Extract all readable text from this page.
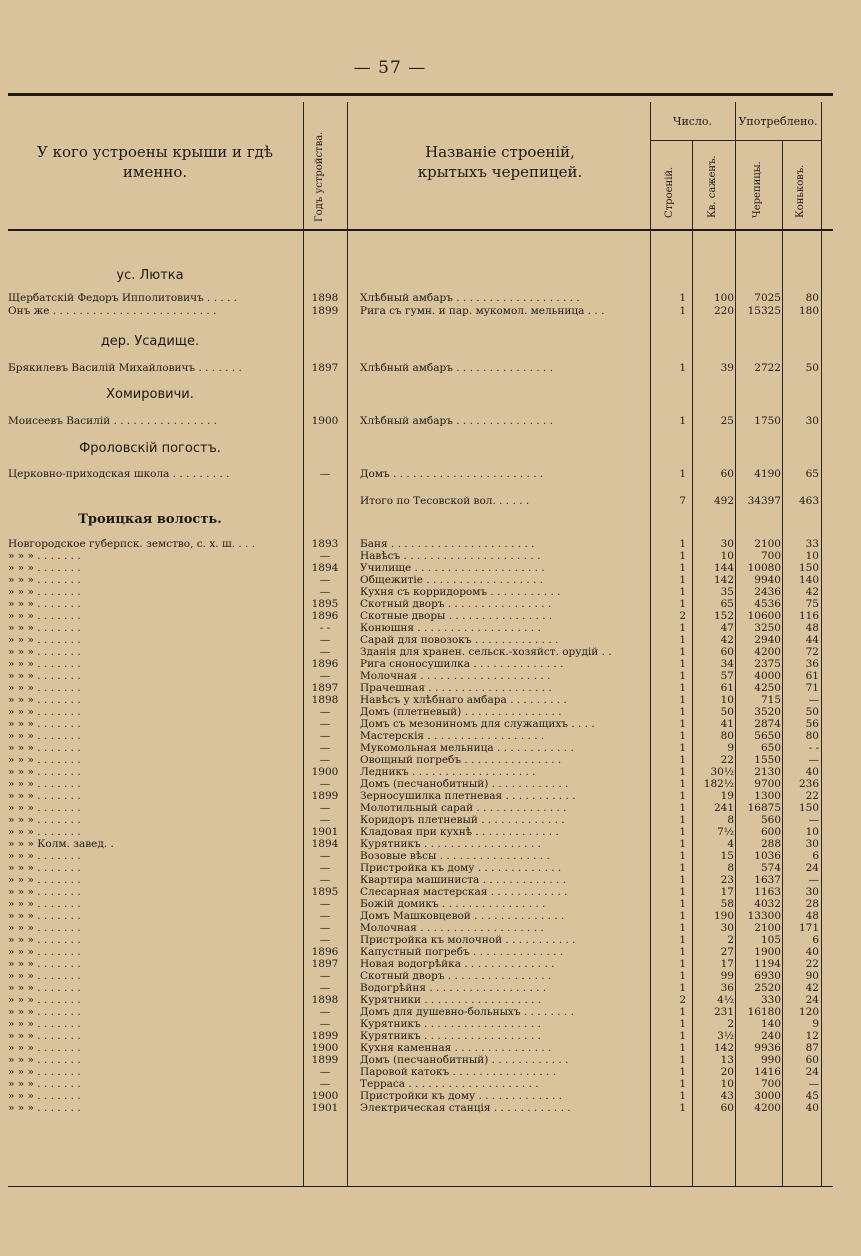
— 57 —
У кого устроены крыши и гдѣ именно.	Годъ устройства.	Названіе строеній, крытыхъ черепицей.
Число.	Употреблено.
Строеній.	Кв. саженъ.	Черепицы.	Коньковъ.
ус. Лютка
дер. Усадище.
Хомировичи.
Фроловскій погостъ.
Троицкая волость.
Щербатскій Федоръ Ипполитовичъ . . . . .	1898	Хлѣбный амбаръ . . . . . . . . . . . . . . . . . . .	1	100	7025	80
Онъ же . . . . . . . . . . . . . . . . . . . . . . . . .	1899	Рига съ гумн. и пар. мукомол. мельница . . .	1	220	15325	180
Брякилевъ Василій Михайловичъ . . . . . . .	1897	Хлѣбный амбаръ . . . . . . . . . . . . . . .	1	39	2722	50
Моисеевъ Василій . . . . . . . . . . . . . . . .	1900	Хлѣбный амбаръ . . . . . . . . . . . . . . .	1	25	1750	30
Церковно-приходская школа . . . . . . . . .	—	Домъ . . . . . . . . . . . . . . . . . . . . . . .	1	60	4190	65
Итого по Тесовской вол. . . . . .	7	492	34397	463
Новгородское губерпск. земство, с. х. ш. . . .	1893	Баня . . . . . . . . . . . . . . . . . . . . . .	1	30	2100	33
» » » . . . . . . .	—	Навѣсъ . . . . . . . . . . . . . . . . . . . . .	1	10	700	10
» » » . . . . . . .	1894	Училище . . . . . . . . . . . . . . . . . . . .	1	144	10080	150
» » » . . . . . . .	—	Общежитіе . . . . . . . . . . . . . . . . . .	1	142	9940	140
» » » . . . . . . .	—	Кухня съ корридоромъ . . . . . . . . . . .	1	35	2436	42
» » » . . . . . . .	1895	Скотный дворъ . . . . . . . . . . . . . . . .	1	65	4536	75
» » » . . . . . . .	1896	Скотные дворы . . . . . . . . . . . . . . . .	2	152	10600	116
» » » . . . . . . .	- -	Конюшня . . . . . . . . . . . . . . . . . . .	1	47	3250	48
» » » . . . . . . .	—	Сарай для повозокъ . . . . . . . . . . . . .	1	42	2940	44
» » » . . . . . . .	—	Зданія для хранен. сельск.-хозяйст. орудій . .	1	60	4200	72
» » » . . . . . . .	1896	Рига сноносушилка . . . . . . . . . . . . . .	1	34	2375	36
» » » . . . . . . .	—	Молочная . . . . . . . . . . . . . . . . . . . .	1	57	4000	61
» » » . . . . . . .	1897	Прачешная . . . . . . . . . . . . . . . . . . .	1	61	4250	71
» » » . . . . . . .	1898	Навѣсъ у хлѣбнаго амбара . . . . . . . . .	1	10	715	—
» » » . . . . . . .	—	Домъ (плетневый) . . . . . . . . . . . . . . .	1	50	3520	50
» » » . . . . . . .	—	Домъ съ мезониномъ для служащихъ . . . .	1	41	2874	56
» » » . . . . . . .	—	Мастерскія . . . . . . . . . . . . . . . . . .	1	80	5650	80
» » » . . . . . . .	—	Мукомольная мельница . . . . . . . . . . . .	1	9	650	- -
» » » . . . . . . .	—	Овощный погребъ . . . . . . . . . . . . . . .	1	22	1550	—
» » » . . . . . . .	1900	Ледникъ . . . . . . . . . . . . . . . . . . .	1	30½	2130	40
» » » . . . . . . .	—	Домъ (песчанобитный) . . . . . . . . . . . .	1	182½	9700	236
» » » . . . . . . .	1899	Зерносушилка плетневая . . . . . . . . . . .	1	19	1300	22
» » » . . . . . . .	—	Молотильный сарай . . . . . . . . . . . . . .	1	241	16875	150
» » » . . . . . . .	—	Коридоръ плетневый . . . . . . . . . . . . .	1	8	560	—
» » » . . . . . . .	1901	Кладовая при кухнѣ . . . . . . . . . . . . .	1	7½	600	10
» » » Колм. завед. .	1894	Курятникъ . . . . . . . . . . . . . . . . . .	1	4	288	30
» » » . . . . . . .	—	Возовые вѣсы . . . . . . . . . . . . . . . . .	1	15	1036	6
» » » . . . . . . .	—	Пристройка къ дому . . . . . . . . . . . . .	1	8	574	24
» » » . . . . . . .	—	Квартира машиниста . . . . . . . . . . . . .	1	23	1637	—
» » » . . . . . . .	1895	Слесарная мастерская . . . . . . . . . . . .	1	17	1163	30
» » » . . . . . . .	—	Божій домикъ . . . . . . . . . . . . . . . .	1	58	4032	28
» » » . . . . . . .	—	Домъ Машковцевой . . . . . . . . . . . . . .	1	190	13300	48
» » » . . . . . . .	—	Молочная . . . . . . . . . . . . . . . . . . .	1	30	2100	171
» » » . . . . . . .	—	Пристройка къ молочной . . . . . . . . . . .	1	2	105	6
» » » . . . . . . .	1896	Капустный погребъ . . . . . . . . . . . . . .	1	27	1900	40
» » » . . . . . . .	1897	Новая водогрѣйка . . . . . . . . . . . . . .	1	17	1194	22
» » » . . . . . . .	—	Скотный дворъ . . . . . . . . . . . . . . . .	1	99	6930	90
» » » . . . . . . .	—	Водогрѣйня . . . . . . . . . . . . . . . . . .	1	36	2520	42
» » » . . . . . . .	1898	Курятники . . . . . . . . . . . . . . . . . .	2	4½	330	24
» » » . . . . . . .	—	Домъ для душевно-больныхъ . . . . . . . .	1	231	16180	120
» » » . . . . . . .	—	Курятникъ . . . . . . . . . . . . . . . . . .	1	2	140	9
» » » . . . . . . .	1899	Курятникъ . . . . . . . . . . . . . . . . . .	1	3½	240	12
» » » . . . . . . .	1900	Кухня каменная . . . . . . . . . . . . . . .	1	142	9936	87
» » » . . . . . . .	1899	Домъ (песчанобитный) . . . . . . . . . . . .	1	13	990	60
» » » . . . . . . .	—	Паровой катокъ . . . . . . . . . . . . . . . .	1	20	1416	24
» » » . . . . . . .	—	Терраса . . . . . . . . . . . . . . . . . . . .	1	10	700	—
» » » . . . . . . .	1900	Пристройки къ дому . . . . . . . . . . . . .	1	43	3000	45
» » » . . . . . . .	1901	Электрическая станція . . . . . . . . . . . .	1	60	4200	40
